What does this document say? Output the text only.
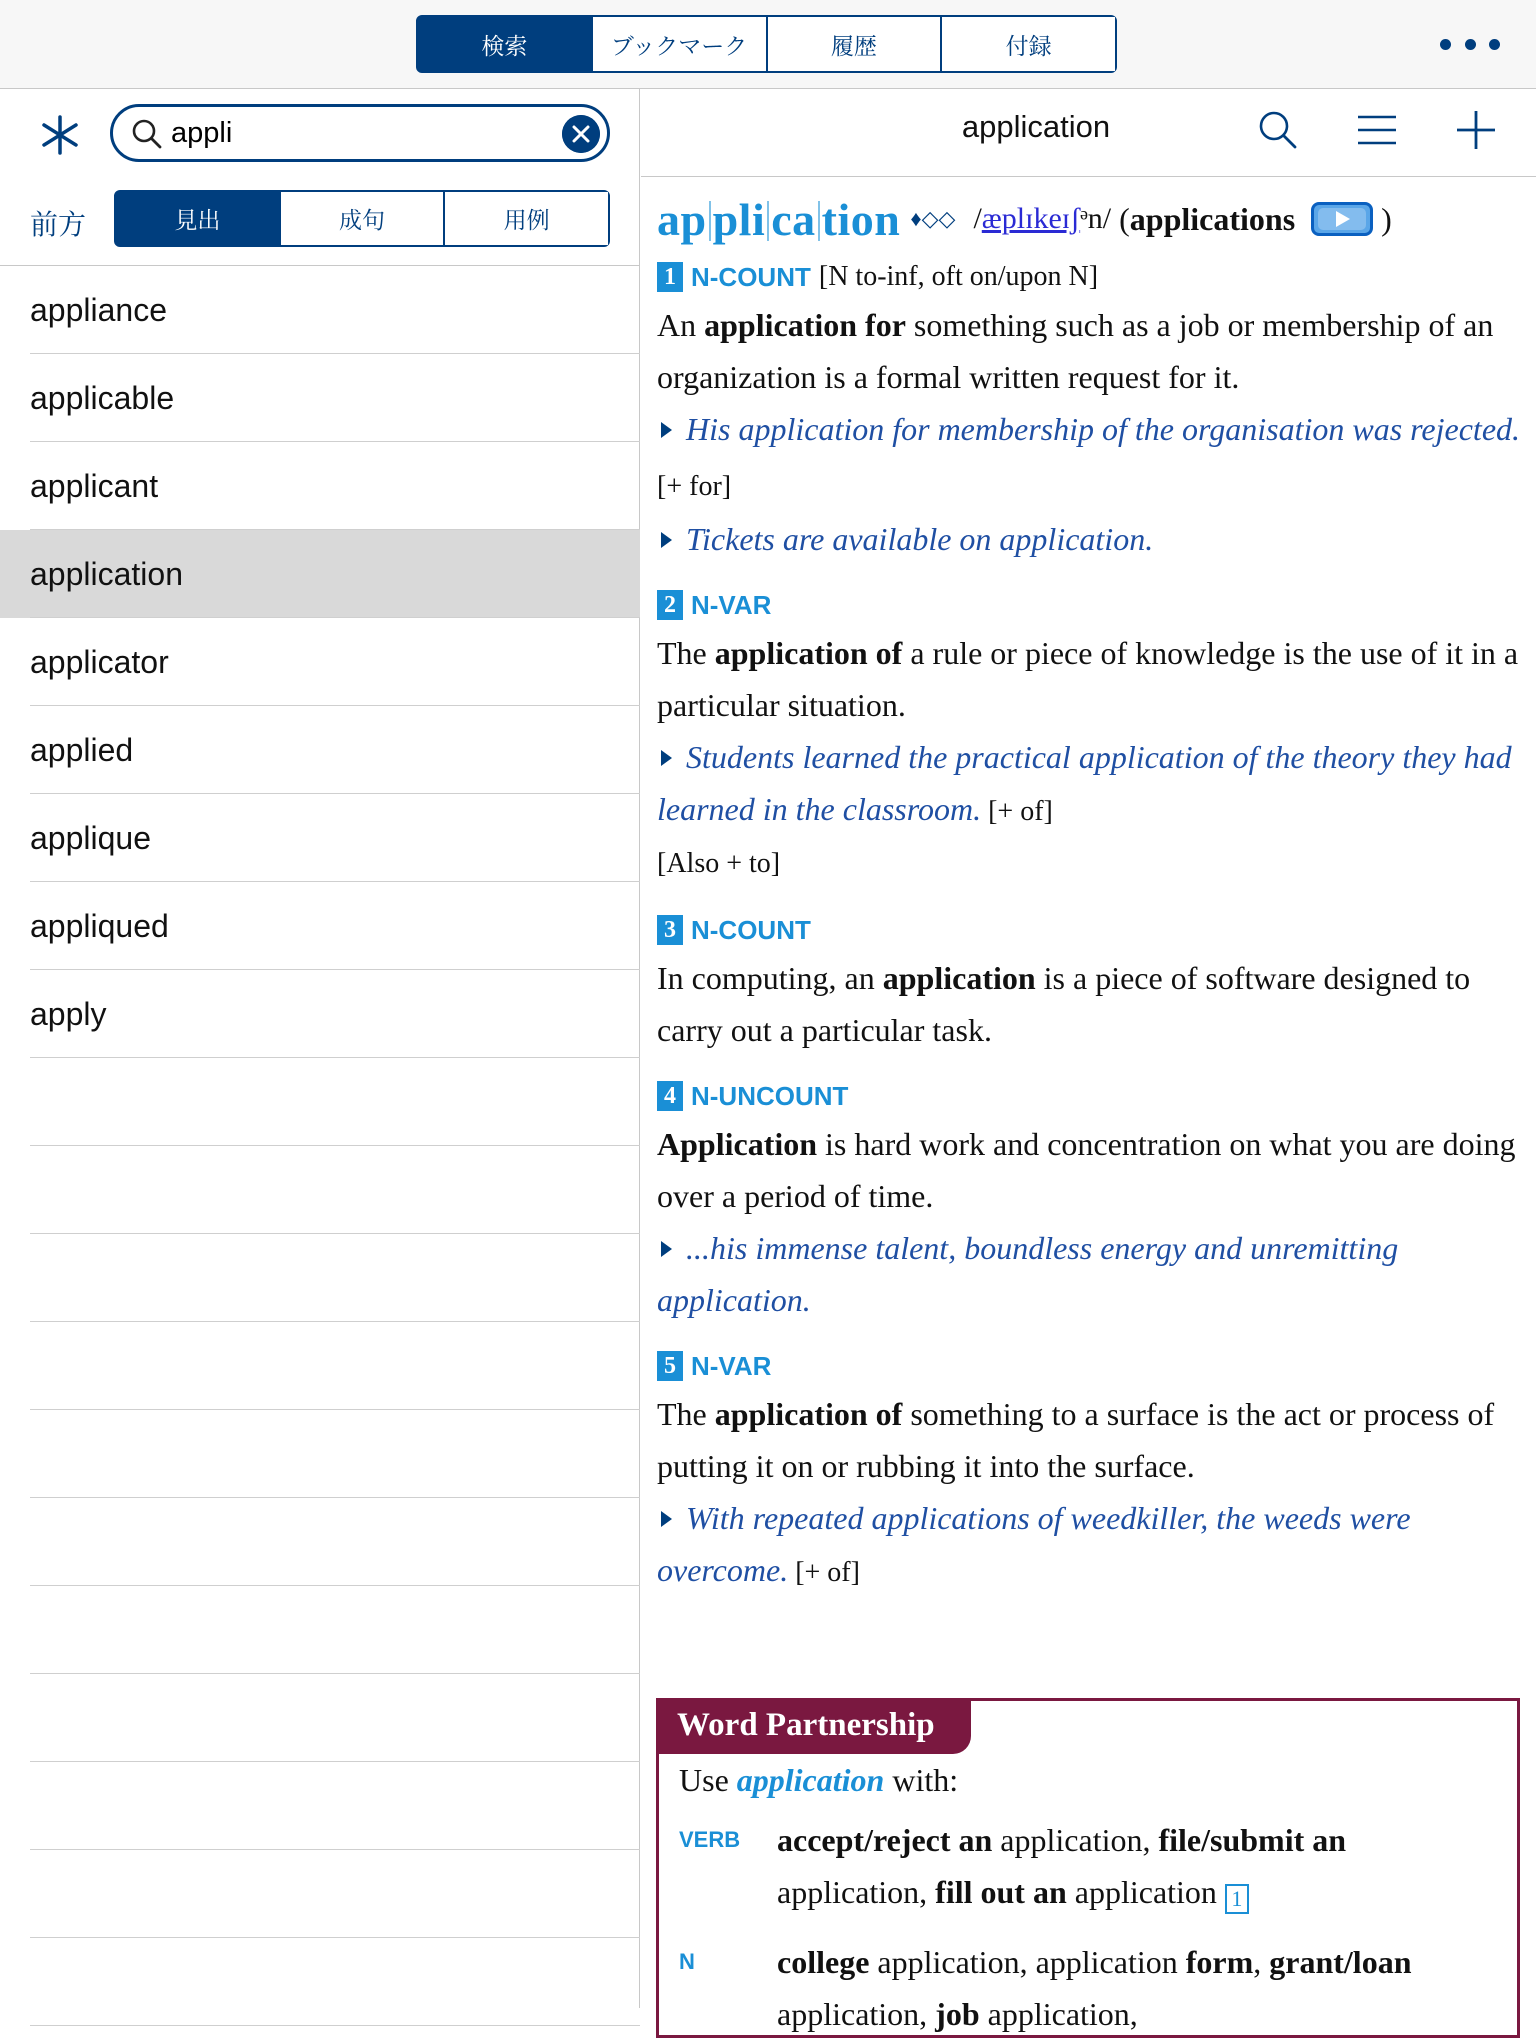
検索	ブックマーク	履歴	付録
appli
前方	見出	成句	用例
appliance
applicable
applicant
application
applicator
applied
applique
appliqued
apply
application
ap pli ca tion ♦◇◇ /æplɪkeɪʃᵊn/ ( applications	)
1 N-COUNT [N to-inf, oft on/upon N]
An application for something such as a job or membership of an organization is a formal written request for it.
His application for membership of the organisation was rejected. [+ for]
Tickets are available on application.
2 N-VAR
The application of a rule or piece of knowledge is the use of it in a particular situation.
Students learned the practical application of the theory they had learned in the classroom. [+ of]
[Also + to]
3 N-COUNT
In computing, an application is a piece of software designed to carry out a particular task.
4 N-UNCOUNT
Application is hard work and concentration on what you are doing over a period of time.
...his immense talent, boundless energy and unremitting application.
5 N-VAR
The application of something to a surface is the act or process of putting it on or rubbing it into the surface.
With repeated applications of weedkiller, the weeds were overcome. [+ of]
Word Partnership
Use application with:
VERB accept/reject an application, file/submit an application, fill out an application 1
N	college application, application form, grant/loan application, job application,
